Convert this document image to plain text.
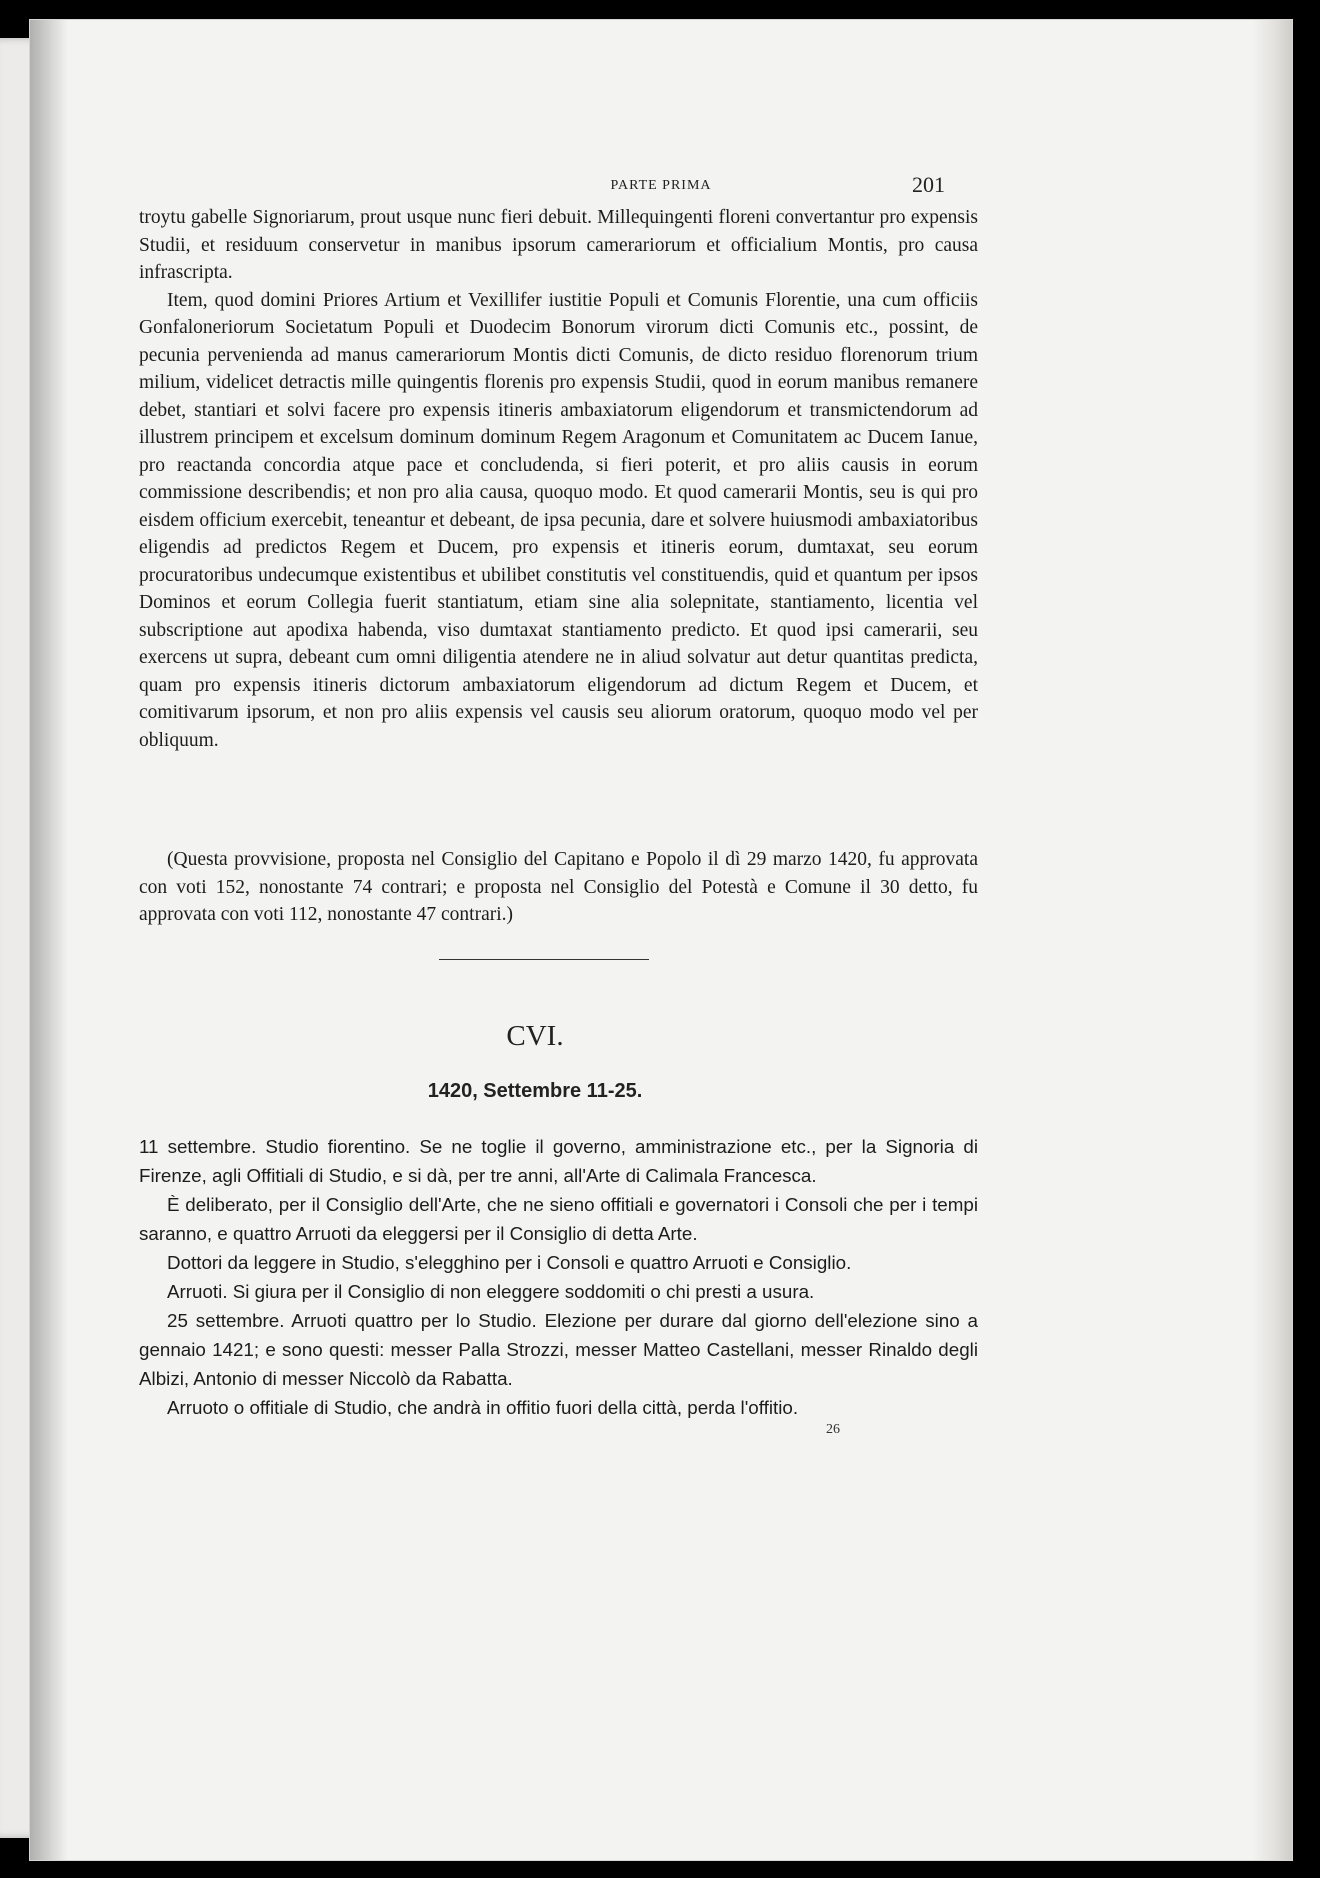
PARTE PRIMA	201

troytu gabelle Signoriarum, prout usque nunc fieri debuit. Millequingenti floreni convertantur pro expensis Studii, et residuum conservetur in manibus ipsorum camerariorum et officialium Montis, pro causa infrascripta.

Item, quod domini Priores Artium et Vexillifer iustitie Populi et Comunis Florentie, una cum officiis Gonfaloneriorum Societatum Populi et Duodecim Bonorum virorum dicti Comunis etc., possint, de pecunia pervenienda ad manus camerariorum Montis dicti Comunis, de dicto residuo florenorum trium milium, videlicet detractis mille quingentis florenis pro expensis Studii, quod in eorum manibus remanere debet, stantiari et solvi facere pro expensis itineris ambaxiatorum eligendorum et transmictendorum ad illustrem principem et excelsum dominum dominum Regem Aragonum et Comunitatem ac Ducem Ianue, pro reactanda concordia atque pace et concludenda, si fieri poterit, et pro aliis causis in eorum commissione describendis; et non pro alia causa, quoquo modo. Et quod camerarii Montis, seu is qui pro eisdem officium exercebit, teneantur et debeant, de ipsa pecunia, dare et solvere huiusmodi ambaxiatoribus eligendis ad predictos Regem et Ducem, pro expensis et itineris eorum, dumtaxat, seu eorum procuratoribus undecumque existentibus et ubilibet constitutis vel constituendis, quid et quantum per ipsos Dominos et eorum Collegia fuerit stantiatum, etiam sine alia solepnitate, stantiamento, licentia vel subscriptione aut apodixa habenda, viso dumtaxat stantiamento predicto. Et quod ipsi camerarii, seu exercens ut supra, debeant cum omni diligentia atendere ne in aliud solvatur aut detur quantitas predicta, quam pro expensis itineris dictorum ambaxiatorum eligendorum ad dictum Regem et Ducem, et comitivarum ipsorum, et non pro aliis expensis vel causis seu aliorum oratorum, quoquo modo vel per obliquum.

(Questa provvisione, proposta nel Consiglio del Capitano e Popolo il dì 29 marzo 1420, fu approvata con voti 152, nonostante 74 contrari; e proposta nel Consiglio del Potestà e Comune il 30 detto, fu approvata con voti 112, nonostante 47 contrari.)

CVI.
1420, Settembre 11-25.

11 settembre. Studio fiorentino. Se ne toglie il governo, amministrazione etc., per la Signoria di Firenze, agli Offitiali di Studio, e si dà, per tre anni, all'Arte di Calimala Francesca.

È deliberato, per il Consiglio dell'Arte, che ne sieno offitiali e governatori i Consoli che per i tempi saranno, e quattro Arruoti da eleggersi per il Consiglio di detta Arte.

Dottori da leggere in Studio, s'elegghino per i Consoli e quattro Arruoti e Consiglio.

Arruoti. Si giura per il Consiglio di non eleggere soddomiti o chi presti a usura.

25 settembre. Arruoti quattro per lo Studio. Elezione per durare dal giorno dell'elezione sino a gennaio 1421; e sono questi: messer Palla Strozzi, messer Matteo Castellani, messer Rinaldo degli Albizi, Antonio di messer Niccolò da Rabatta.

Arruoto o offitiale di Studio, che andrà in offitio fuori della città, perda l'offitio.

26
